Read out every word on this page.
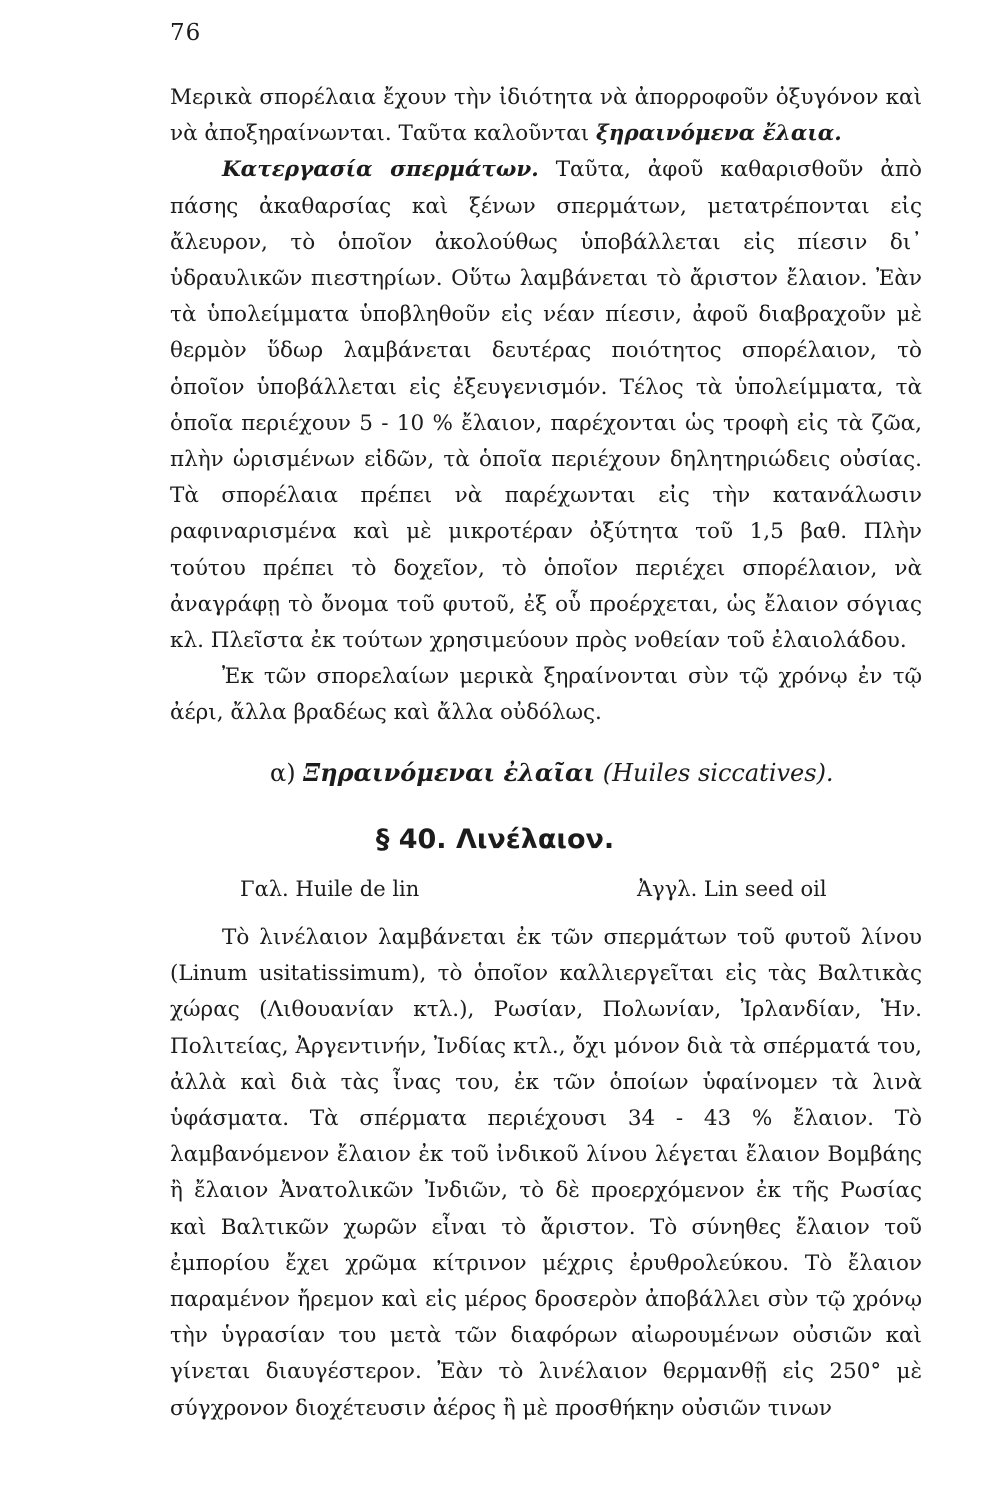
76

Μερικὰ σπορέλαια ἔχουν τὴν ἰδιότητα νὰ ἀπορροφοῦν ὀξυγόνον καὶ νὰ ἀποξηραίνωνται. Ταῦτα καλοῦνται ξηραινόμενα ἔλαια.
Κατεργασία σπερμάτων. Ταῦτα, ἀφοῦ καθαρισθοῦν ἀπὸ πάσης ἀκαθαρσίας καὶ ξένων σπερμάτων, μετατρέπονται εἰς ἄλευρον, τὸ ὁποῖον ἀκολούθως ὑποβάλλεται εἰς πίεσιν δι᾽ ὑδραυλικῶν πιεστηρίων. Οὕτω λαμβάνεται τὸ ἄριστον ἔλαιον. Ἐὰν τὰ ὑπολείμματα ὑποβληθοῦν εἰς νέαν πίεσιν, ἀφοῦ διαβραχοῦν μὲ θερμὸν ὕδωρ λαμβάνεται δευτέρας ποιότητος σπορέλαιον, τὸ ὁποῖον ὑποβάλλεται εἰς ἐξευγενισμόν. Τέλος τὰ ὑπολείμματα, τὰ ὁποῖα περιέχουν 5 - 10 % ἔλαιον, παρέχονται ὡς τροφὴ εἰς τὰ ζῶα, πλὴν ὡρισμένων εἰδῶν, τὰ ὁποῖα περιέχουν δηλητηριώδεις οὐσίας. Τὰ σπορέλαια πρέπει νὰ παρέχωνται εἰς τὴν κατανάλωσιν ραφιναρισμένα καὶ μὲ μικροτέραν ὀξύτητα τοῦ 1,5 βαθ. Πλὴν τούτου πρέπει τὸ δοχεῖον, τὸ ὁποῖον περιέχει σπορέλαιον, νὰ ἀναγράφῃ τὸ ὄνομα τοῦ φυτοῦ, ἐξ οὗ προέρχεται, ὡς ἔλαιον σόγιας κλ. Πλεῖστα ἐκ τούτων χρησιμεύουν πρὸς νοθείαν τοῦ ἐλαιολάδου.
Ἐκ τῶν σπορελαίων μερικὰ ξηραίνονται σὺν τῷ χρόνῳ ἐν τῷ ἀέρι, ἄλλα βραδέως καὶ ἄλλα οὐδόλως.

α) Ξηραινόμεναι ἐλαῖαι (Huiles siccatives).
§ 40. Λινέλαιον.
Γαλ. Huile de lin	Ἀγγλ. Lin seed oil

Τὸ λινέλαιον λαμβάνεται ἐκ τῶν σπερμάτων τοῦ φυτοῦ λίνου (Linum usitatissimum), τὸ ὁποῖον καλλιεργεῖται εἰς τὰς Βαλτικὰς χώρας (Λιθουανίαν κτλ.), Ρωσίαν, Πολωνίαν, Ἰρλανδίαν, Ἡν. Πολιτείας, Ἀργεντινήν, Ἰνδίας κτλ., ὄχι μόνον διὰ τὰ σπέρματά του, ἀλλὰ καὶ διὰ τὰς ἶνας του, ἐκ τῶν ὁποίων ὑφαίνομεν τὰ λινὰ ὑφάσματα. Τὰ σπέρματα περιέχουσι 34 - 43 % ἔλαιον. Τὸ λαμβανόμενον ἔλαιον ἐκ τοῦ ἰνδικοῦ λίνου λέγεται ἔλαιον Βομβάης ἢ ἔλαιον Ἀνατολικῶν Ἰνδιῶν, τὸ δὲ προερχόμενον ἐκ τῆς Ρωσίας καὶ Βαλτικῶν χωρῶν εἶναι τὸ ἄριστον. Τὸ σύνηθες ἔλαιον τοῦ ἐμπορίου ἔχει χρῶμα κίτρινον μέχρις ἐρυθρολεύκου. Τὸ ἔλαιον παραμένον ἤρεμον καὶ εἰς μέρος δροσερὸν ἀποβάλλει σὺν τῷ χρόνῳ τὴν ὑγρασίαν του μετὰ τῶν διαφόρων αἰωρουμένων οὐσιῶν καὶ γίνεται διαυγέστερον. Ἐὰν τὸ λινέλαιον θερμανθῇ εἰς 250° μὲ σύγχρονον διοχέτευσιν ἀέρος ἢ μὲ προσθήκην οὐσιῶν τινων
